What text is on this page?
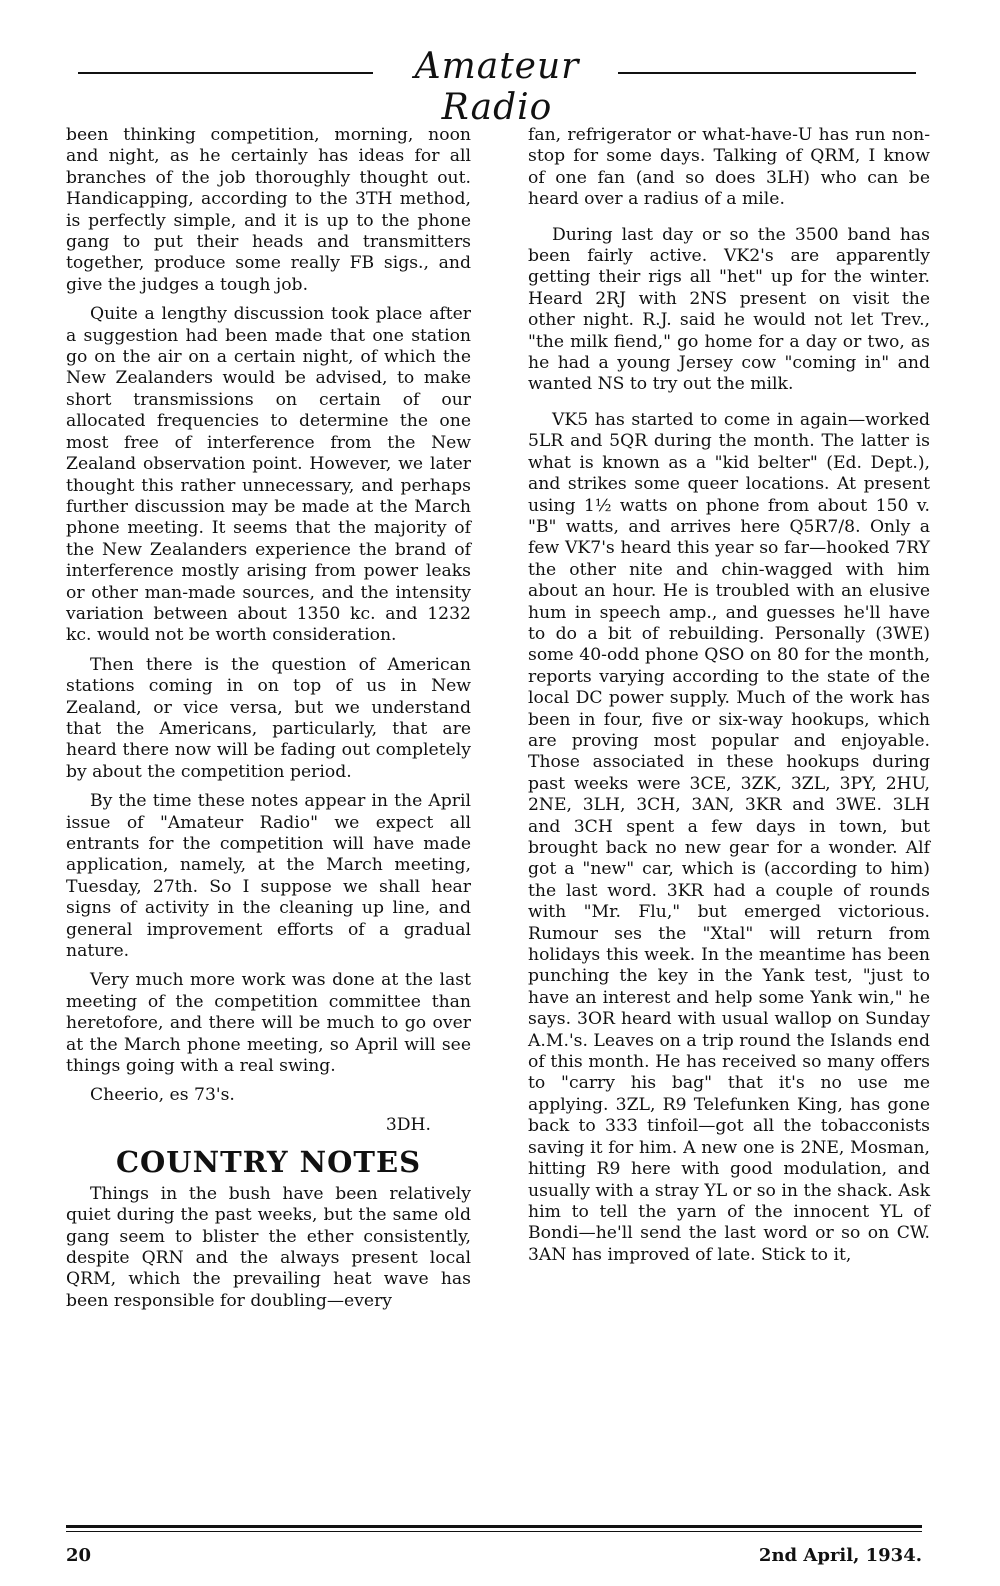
Amateur Radio

been thinking competition, morning, noon and night, as he certainly has ideas for all branches of the job thoroughly thought out. Handicapping, according to the 3TH method, is perfectly simple, and it is up to the phone gang to put their heads and transmitters together, produce some really FB sigs., and give the judges a tough job.

Quite a lengthy discussion took place after a suggestion had been made that one station go on the air on a certain night, of which the New Zealanders would be advised, to make short transmissions on certain of our allocated frequencies to determine the one most free of interference from the New Zealand observation point. However, we later thought this rather unnecessary, and perhaps further discussion may be made at the March phone meeting. It seems that the majority of the New Zealanders experience the brand of interference mostly arising from power leaks or other man-made sources, and the intensity variation between about 1350 kc. and 1232 kc. would not be worth consideration.

Then there is the question of American stations coming in on top of us in New Zealand, or vice versa, but we understand that the Americans, particularly, that are heard there now will be fading out completely by about the competition period.

By the time these notes appear in the April issue of "Amateur Radio" we expect all entrants for the competition will have made application, namely, at the March meeting, Tuesday, 27th. So I suppose we shall hear signs of activity in the cleaning up line, and general improvement efforts of a gradual nature.

Very much more work was done at the last meeting of the competition committee than heretofore, and there will be much to go over at the March phone meeting, so April will see things going with a real swing.

Cheerio, es 73's.

3DH.
COUNTRY NOTES

Things in the bush have been relatively quiet during the past weeks, but the same old gang seem to blister the ether consistently, despite QRN and the always present local QRM, which the prevailing heat wave has been responsible for doubling—every

fan, refrigerator or what-have-U has run non-stop for some days. Talking of QRM, I know of one fan (and so does 3LH) who can be heard over a radius of a mile.

During last day or so the 3500 band has been fairly active. VK2's are apparently getting their rigs all "het" up for the winter. Heard 2RJ with 2NS present on visit the other night. R.J. said he would not let Trev., "the milk fiend," go home for a day or two, as he had a young Jersey cow "coming in" and wanted NS to try out the milk.

VK5 has started to come in again—worked 5LR and 5QR during the month. The latter is what is known as a "kid belter" (Ed. Dept.), and strikes some queer locations. At present using 1½ watts on phone from about 150 v. "B" watts, and arrives here Q5R7/8. Only a few VK7's heard this year so far—hooked 7RY the other nite and chin-wagged with him about an hour. He is troubled with an elusive hum in speech amp., and guesses he'll have to do a bit of rebuilding. Personally (3WE) some 40-odd phone QSO on 80 for the month, reports varying according to the state of the local DC power supply. Much of the work has been in four, five or six-way hookups, which are proving most popular and enjoyable. Those associated in these hookups during past weeks were 3CE, 3ZK, 3ZL, 3PY, 2HU, 2NE, 3LH, 3CH, 3AN, 3KR and 3WE. 3LH and 3CH spent a few days in town, but brought back no new gear for a wonder. Alf got a "new" car, which is (according to him) the last word. 3KR had a couple of rounds with "Mr. Flu," but emerged victorious. Rumour ses the "Xtal" will return from holidays this week. In the meantime has been punching the key in the Yank test, "just to have an interest and help some Yank win," he says. 3OR heard with usual wallop on Sunday A.M.'s. Leaves on a trip round the Islands end of this month. He has received so many offers to "carry his bag" that it's no use me applying. 3ZL, R9 Telefunken King, has gone back to 333 tinfoil—got all the tobacconists saving it for him. A new one is 2NE, Mosman, hitting R9 here with good modulation, and usually with a stray YL or so in the shack. Ask him to tell the yarn of the innocent YL of Bondi—he'll send the last word or so on CW. 3AN has improved of late. Stick to it,

20	2nd April, 1934.
